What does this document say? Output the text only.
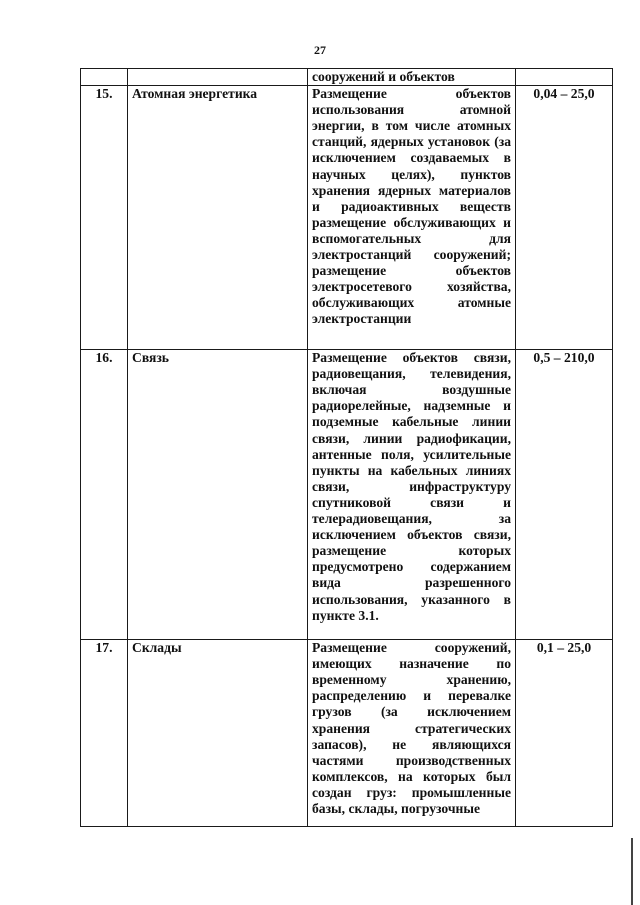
27
		сооружений и объектов	
15.	Атомная энергетика	Размещение объектов использования атомной энергии, в том числе атомных станций, ядерных установок (за исключением создаваемых в научных целях), пунктов хранения ядерных материалов и радиоактивных веществ размещение обслуживающих и вспомогательных для электростанций сооружений; размещение объектов электросетевого хозяйства, обслуживающих атомные электростанции	0,04 – 25,0
16.	Связь	Размещение объектов связи, радиовещания, телевидения, включая воздушные радиорелейные, надземные и подземные кабельные линии связи, линии радиофикации, антенные поля, усилительные пункты на кабельных линиях связи, инфраструктуру спутниковой связи и телерадиовещания, за исключением объектов связи, размещение которых предусмотрено содержанием вида разрешенного использования, указанного в пункте 3.1.	0,5 – 210,0
17.	Склады	Размещение сооружений, имеющих назначение по временному хранению, распределению и перевалке грузов (за исключением хранения стратегических запасов), не являющихся частями производственных комплексов, на которых был создан груз: промышленные базы, склады, погрузочные	0,1 – 25,0
